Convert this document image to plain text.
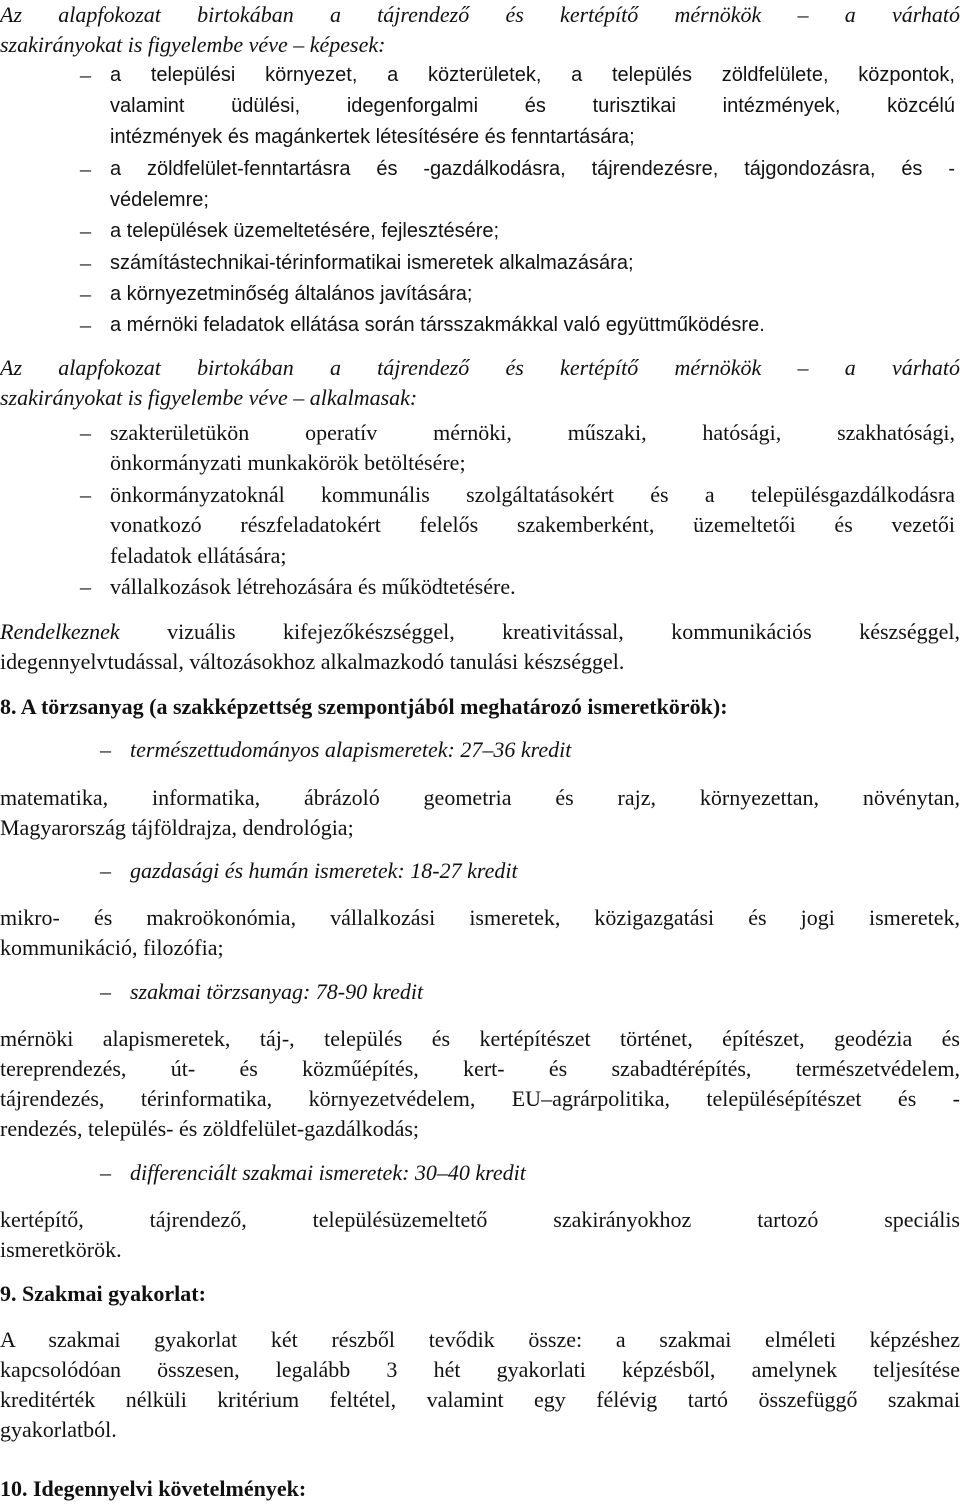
Az alapfokozat birtokában a tájrendező és kertépítő mérnökök – a várható
szakirányokat is figyelembe véve – képesek:
–
a települési környezet, a közterületek, a település zöldfelülete, központok,
valamint üdülési, idegenforgalmi és turisztikai intézmények, közcélú
intézmények és magánkertek létesítésére és fenntartására;
–
a zöldfelület-fenntartásra és -gazdálkodásra, tájrendezésre, tájgondozásra, és -
védelemre;
–
a települések üzemeltetésére, fejlesztésére;
–
számítástechnikai-térinformatikai ismeretek alkalmazására;
–
a környezetminőség általános javítására;
–
a mérnöki feladatok ellátása során társszakmákkal való együttműködésre.
Az alapfokozat birtokában a tájrendező és kertépítő mérnökök – a várható
szakirányokat is figyelembe véve – alkalmasak:
–
szakterületükön operatív mérnöki, műszaki, hatósági, szakhatósági,
önkormányzati munkakörök betöltésére;
–
önkormányzatoknál kommunális szolgáltatásokért és a településgazdálkodásra
vonatkozó részfeladatokért felelős szakemberként, üzemeltetői és vezetői
feladatok ellátására;
–
vállalkozások létrehozására és működtetésére.
Rendelkeznek vizuális kifejezőkészséggel, kreativitással, kommunikációs készséggel,
idegennyelvtudással, változásokhoz alkalmazkodó tanulási készséggel.
8. A törzsanyag (a szakképzettség szempontjából meghatározó ismeretkörök):
–
természettudományos alapismeretek: 27–36 kredit
matematika, informatika, ábrázoló geometria és rajz, környezettan, növénytan,
Magyarország tájföldrajza, dendrológia;
–
gazdasági és humán ismeretek: 18-27 kredit
mikro- és makroökonómia, vállalkozási ismeretek, közigazgatási és jogi ismeretek,
kommunikáció, filozófia;
–
szakmai törzsanyag: 78-90 kredit
mérnöki alapismeretek, táj-, település és kertépítészet történet, építészet, geodézia és
tereprendezés, út- és közműépítés, kert- és szabadtérépítés, természetvédelem,
tájrendezés, térinformatika, környezetvédelem, EU–agrárpolitika, településépítészet és -
rendezés, település- és zöldfelület-gazdálkodás;
–
differenciált szakmai ismeretek: 30–40 kredit
kertépítő, tájrendező, településüzemeltető szakirányokhoz tartozó speciális
ismeretkörök.
9. Szakmai gyakorlat:
A szakmai gyakorlat két részből tevődik össze: a szakmai elméleti képzéshez
kapcsolódóan összesen, legalább 3 hét gyakorlati képzésből, amelynek teljesítése
kreditérték nélküli kritérium feltétel, valamint egy félévig tartó összefüggő szakmai
gyakorlatból.
10. Idegennyelvi követelmények:
